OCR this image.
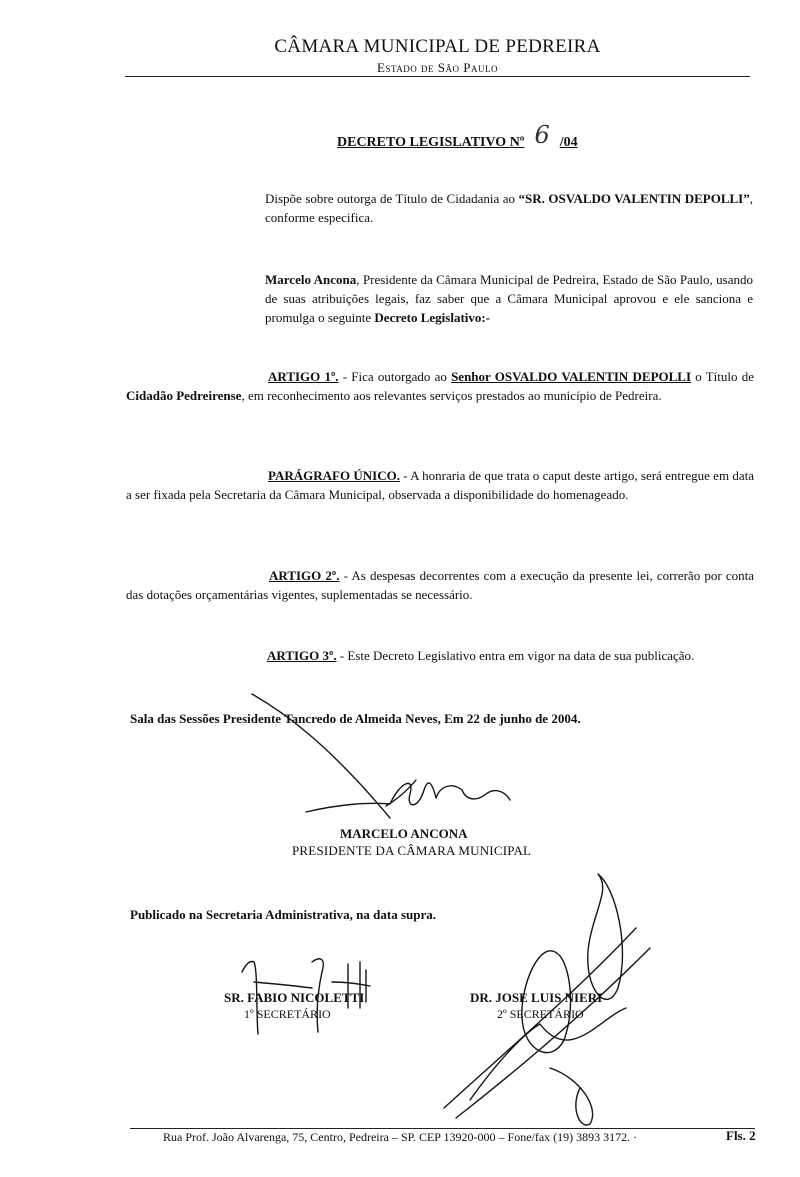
CÂMARA MUNICIPAL DE PEDREIRA
Estado de São Paulo
DECRETO LEGISLATIVO Nº 6 /04
Dispõe sobre outorga de Título de Cidadania ao “SR. OSVALDO VALENTIN DEPOLLI”, conforme especifica.
Marcelo Ancona, Presidente da Câmara Municipal de Pedreira, Estado de São Paulo, usando de suas atribuições legais, faz saber que a Câmara Municipal aprovou e ele sanciona e promulga o seguinte Decreto Legislativo:-
ARTIGO 1º. - Fica outorgado ao Senhor OSVALDO VALENTIN DEPOLLI o Título de Cidadão Pedreirense, em reconhecimento aos relevantes serviços prestados ao município de Pedreira.
PARÁGRAFO ÚNICO. - A honraria de que trata o caput deste artigo, será entregue em data a ser fixada pela Secretaria da Câmara Municipal, observada a disponibilidade do homenageado.
ARTIGO 2º. - As despesas decorrentes com a execução da presente lei, correrão por conta das dotações orçamentárias vigentes, suplementadas se necessário.
ARTIGO 3º. - Este Decreto Legislativo entra em vigor na data de sua publicação.
Sala das Sessões Presidente Tancredo de Almeida Neves, Em 22 de junho de 2004.
MARCELO ANCONA
PRESIDENTE DA CÂMARA MUNICIPAL
Publicado na Secretaria Administrativa, na data supra.
SR. FABIO NICOLETTI
1º SECRETÁRIO
DR. JOSE LUIS NIERI
2º SECRETÁRIO
Rua Prof. João Alvarenga, 75, Centro, Pedreira – SP. CEP 13920-000 – Fone/fax (19) 3893 3172. ·	Fls. 2
